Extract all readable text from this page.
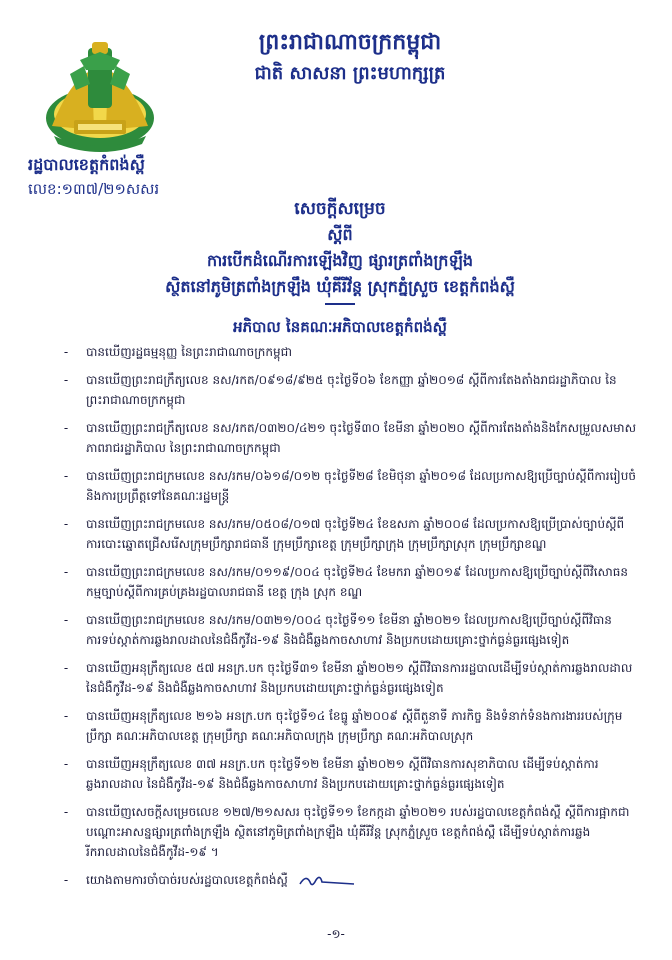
ព្រះរាជាណាចក្រកម្ពុជា
ជាតិ សាសនា ព្រះមហាក្សត្រ
រដ្ឋបាលខេត្តកំពង់ស្ពឺ
លេខ:១៣៧/២១សសរ

សេចក្តីសម្រេច

ស្តីពី

ការបើកដំណើរការឡើងវិញ ផ្សារត្រពាំងក្រឡឹង

ស្ថិតនៅភូមិត្រពាំងក្រឡឹង ឃុំគីរីវ័ន្ត ស្រុកភ្នំស្រួច ខេត្តកំពង់ស្ពឺ

អភិបាល នៃគណៈអភិបាលខេត្តកំពង់ស្ពឺ
-	បានឃើញរដ្ឋធម្មនុញ្ញ នៃព្រះរាជាណាចក្រកម្ពុជា
-	បានឃើញព្រះរាជក្រឹត្យលេខ នស/រកត/០៩១៨/៩២៥ ចុះថ្ងៃទី០៦ ខែកញ្ញា ឆ្នាំ២០១៨ ស្តីពីការតែងតាំងរាជរដ្ឋាភិបាល នៃព្រះរាជាណាចក្រកម្ពុជា
-	បានឃើញព្រះរាជក្រឹត្យលេខ នស/រកត/០៣២០/៤២១ ចុះថ្ងៃទី៣០ ខែមីនា ឆ្នាំ២០២០ ស្តីពីការតែងតាំងនិងកែសម្រួលសមាសភាពរាជរដ្ឋាភិបាល នៃព្រះរាជាណាចក្រកម្ពុជា
-	បានឃើញព្រះរាជក្រមលេខ នស/រកម/០៦១៨/០១២ ចុះថ្ងៃទី២៨ ខែមិថុនា ឆ្នាំ២០១៨ ដែលប្រកាសឱ្យប្រើច្បាប់ស្តីពីការរៀបចំ និងការប្រព្រឹត្តទៅនៃគណៈរដ្ឋមន្ត្រី
-	បានឃើញព្រះរាជក្រមលេខ នស/រកម/០៥០៨/០១៧ ចុះថ្ងៃទី២៤ ខែឧសភា ឆ្នាំ២០០៨ ដែលប្រកាសឱ្យប្រើប្រាស់ច្បាប់ស្តីពីការបោះឆ្នោតជ្រើសរើសក្រុមប្រឹក្សារាជធានី ក្រុមប្រឹក្សាខេត្ត ក្រុមប្រឹក្សាក្រុង ក្រុមប្រឹក្សាស្រុក ក្រុមប្រឹក្សាខណ្ឌ
-	បានឃើញព្រះរាជក្រមលេខ នស/រកម/០១១៩/០០៤ ចុះថ្ងៃទី២៤ ខែមករា ឆ្នាំ២០១៩ ដែលប្រកាសឱ្យប្រើច្បាប់ស្តីពីវិសោធនកម្មច្បាប់ស្តីពីការគ្រប់គ្រងរដ្ឋបាលរាជធានី ខេត្ត ក្រុង ស្រុក ខណ្ឌ
-	បានឃើញព្រះរាជក្រមលេខ នស/រកម/០៣២១/០០៤ ចុះថ្ងៃទី១១ ខែមីនា ឆ្នាំ២០២១ ដែលប្រកាសឱ្យប្រើច្បាប់ស្តីពីវិធានការទប់ស្កាត់ការឆ្លងរាលដាលនៃជំងឺកូវីដ-១៩ និងជំងឺឆ្លងកាចសាហាវ និងប្រកបដោយគ្រោះថ្នាក់ធ្ងន់ធ្ងរផ្សេងទៀត
-	បានឃើញអនុក្រឹត្យលេខ ៥៧ អនក្រ.បក ចុះថ្ងៃទី៣១ ខែមីនា ឆ្នាំ២០២១ ស្តីពីវិធានការរដ្ឋបាលដើម្បីទប់ស្កាត់ការឆ្លងរាលដាលនៃជំងឺកូវីដ-១៩ និងជំងឺឆ្លងកាចសាហាវ និងប្រកបដោយគ្រោះថ្នាក់ធ្ងន់ធ្ងរផ្សេងទៀត
-	បានឃើញអនុក្រឹត្យលេខ ២១៦ អនក្រ.បក ចុះថ្ងៃទី១៤ ខែធ្នូ ឆ្នាំ២០០៩ ស្តីពីតួនាទី ភារកិច្ច និងទំនាក់ទំនងការងាររបស់ក្រុមប្រឹក្សា គណៈអភិបាលខេត្ត ក្រុមប្រឹក្សា គណៈអភិបាលក្រុង ក្រុមប្រឹក្សា គណៈអភិបាលស្រុក
-	បានឃើញអនុក្រឹត្យលេខ ៣៧ អនក្រ.បក ចុះថ្ងៃទី១២ ខែមីនា ឆ្នាំ២០២១ ស្តីពីវិធានការសុខាភិបាល ដើម្បីទប់ស្កាត់ការឆ្លងរាលដាល នៃជំងឺកូវីដ-១៩ និងជំងឺឆ្លងកាចសាហាវ និងប្រកបដោយគ្រោះថ្នាក់ធ្ងន់ធ្ងរផ្សេងទៀត
-	បានឃើញសេចក្តីសម្រេចលេខ ១២៧/២១សសរ ចុះថ្ងៃទី១១ ខែកក្កដា ឆ្នាំ២០២១ របស់រដ្ឋបាលខេត្តកំពង់ស្ពឺ ស្តីពីការផ្អាកជាបណ្តោះអាសន្នផ្សារត្រពាំងក្រឡឹង ស្ថិតនៅភូមិត្រពាំងក្រឡឹង ឃុំគីរីវ័ន្ត ស្រុកភ្នំស្រួច ខេត្តកំពង់ស្ពឺ ដើម្បីទប់ស្កាត់ការឆ្លងរីករាលដាលនៃជំងឺកូវីដ-១៩ ។
-	យោងតាមការចាំបាច់របស់រដ្ឋបាលខេត្តកំពង់ស្ពឺ
-១-
